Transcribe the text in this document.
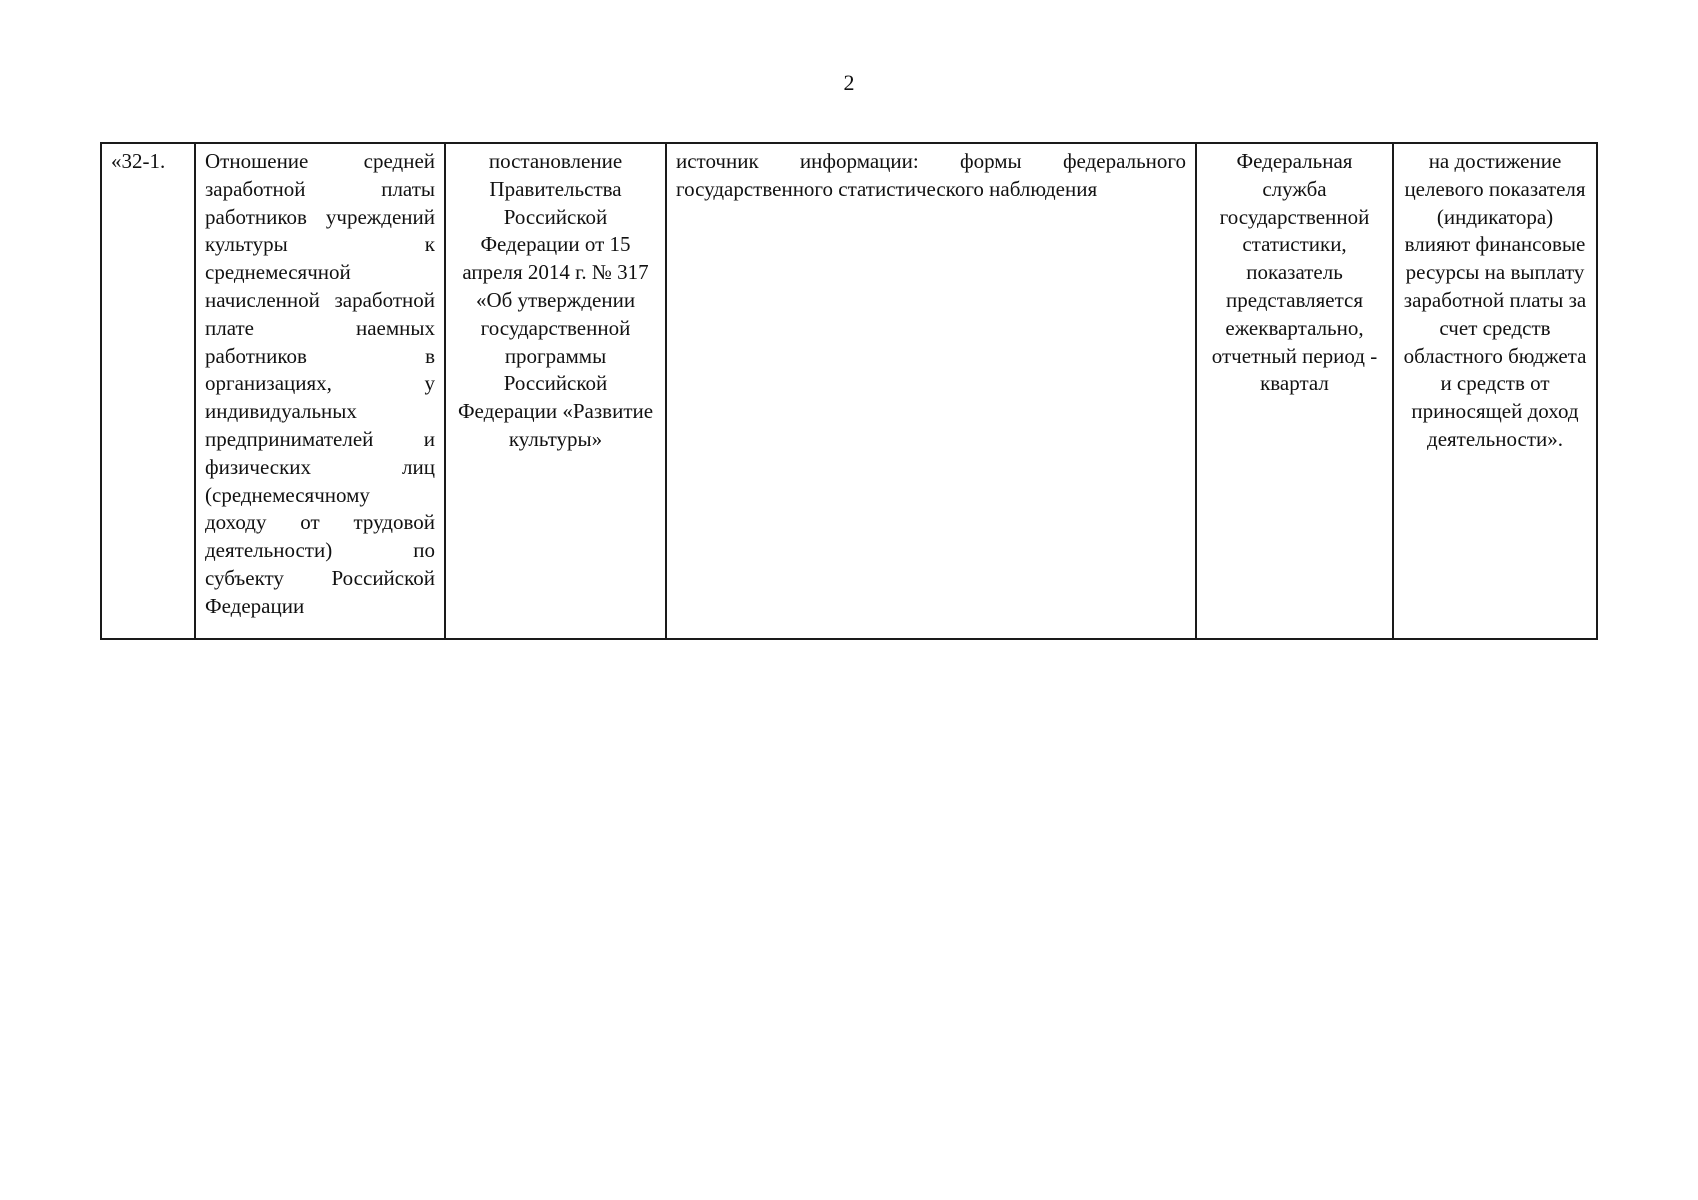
2
«32-1.	Отношение средней заработной платы работников учреждений культуры к среднемесячной начисленной заработной плате наемных работников в организациях, у индивидуальных предпринимателей и физических лиц (среднемесячному доходу от трудовой деятельности) по субъекту Российской Федерации	постановление Правительства Российской Федерации от 15 апреля 2014 г. № 317 «Об утверждении государственной программы Российской Федерации «Развитие культуры»	источник информации: формы федерального государственного статистического наблюдения	Федеральная служба государственной статистики, показатель представляется ежеквартально, отчетный период - квартал	на достижение целевого показателя (индикатора) влияют финансовые ресурсы на выплату заработной платы за счет средств областного бюджета и средств от приносящей доход деятельности».
